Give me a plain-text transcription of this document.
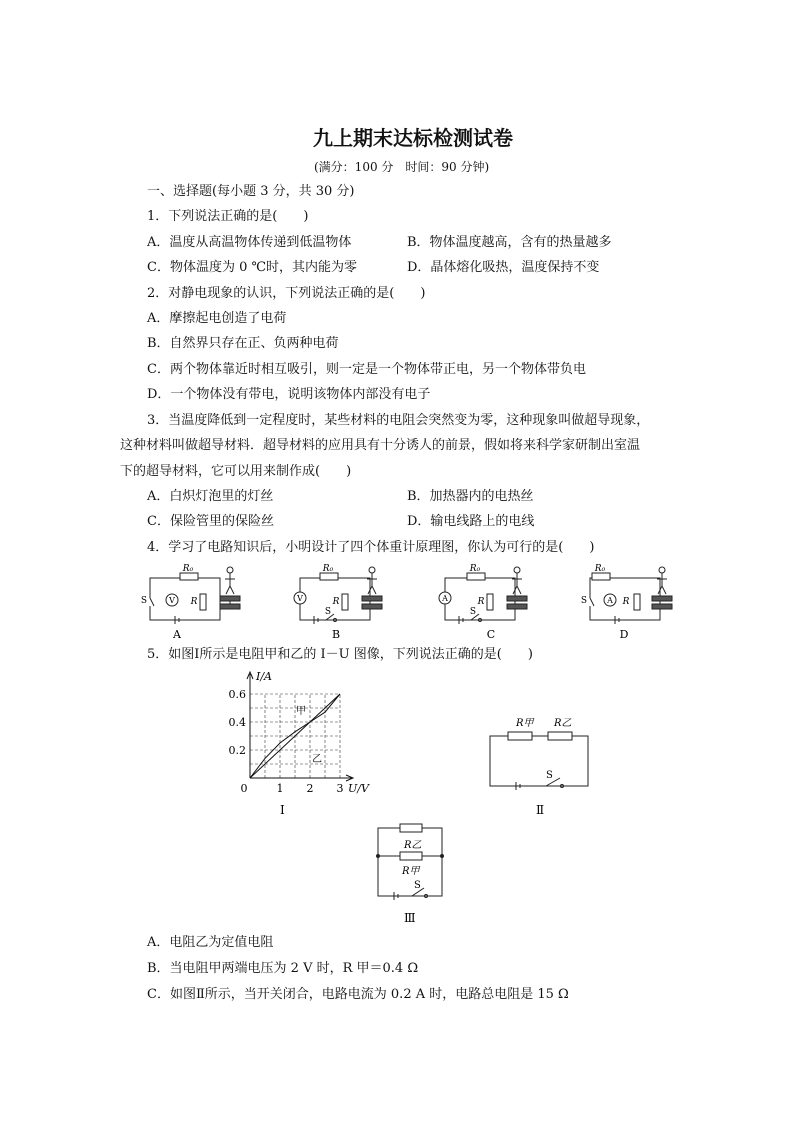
九上期末达标检测试卷
(满分：100 分　时间：90 分钟)
一、选择题(每小题 3 分，共 30 分)
1．下列说法正确的是(　　)
A．温度从高温物体传递到低温物体	B．物体温度越高，含有的热量越多
C．物体温度为 0 ℃时，其内能为零	D．晶体熔化吸热，温度保持不变
2．对静电现象的认识，下列说法正确的是(　　)
A．摩擦起电创造了电荷
B．自然界只存在正、负两种电荷
C．两个物体靠近时相互吸引，则一定是一个物体带正电，另一个物体带负电
D．一个物体没有带电，说明该物体内部没有电子
3．当温度降低到一定程度时，某些材料的电阻会突然变为零，这种现象叫做超导现象，
这种材料叫做超导材料．超导材料的应用具有十分诱人的前景，假如将来科学家研制出室温
下的超导材料，它可以用来制作成(　　)
A．白炽灯泡里的灯丝	B．加热器内的电热丝
C．保险管里的保险丝	D．输电线路上的电线
4．学习了电路知识后，小明设计了四个体重计原理图，你认为可行的是(　　)
R₀
V R
S
A
R₀
V	R
S
B
R₀
A	R
S
C
R₀
A R
S
D
5．如图Ⅰ所示是电阻甲和乙的 I－U 图像，下列说法正确的是(　　)
0.6
0.4
0.2
0	1 2 3
I/A
U/V
甲
乙
Ⅰ
R甲 R乙
S
Ⅱ
R乙
R甲
S
Ⅲ
A．电阻乙为定值电阻
B．当电阻甲两端电压为 2 V 时，R 甲＝0.4 Ω
C．如图Ⅱ所示，当开关闭合，电路电流为 0.2 A 时，电路总电阻是 15 Ω
